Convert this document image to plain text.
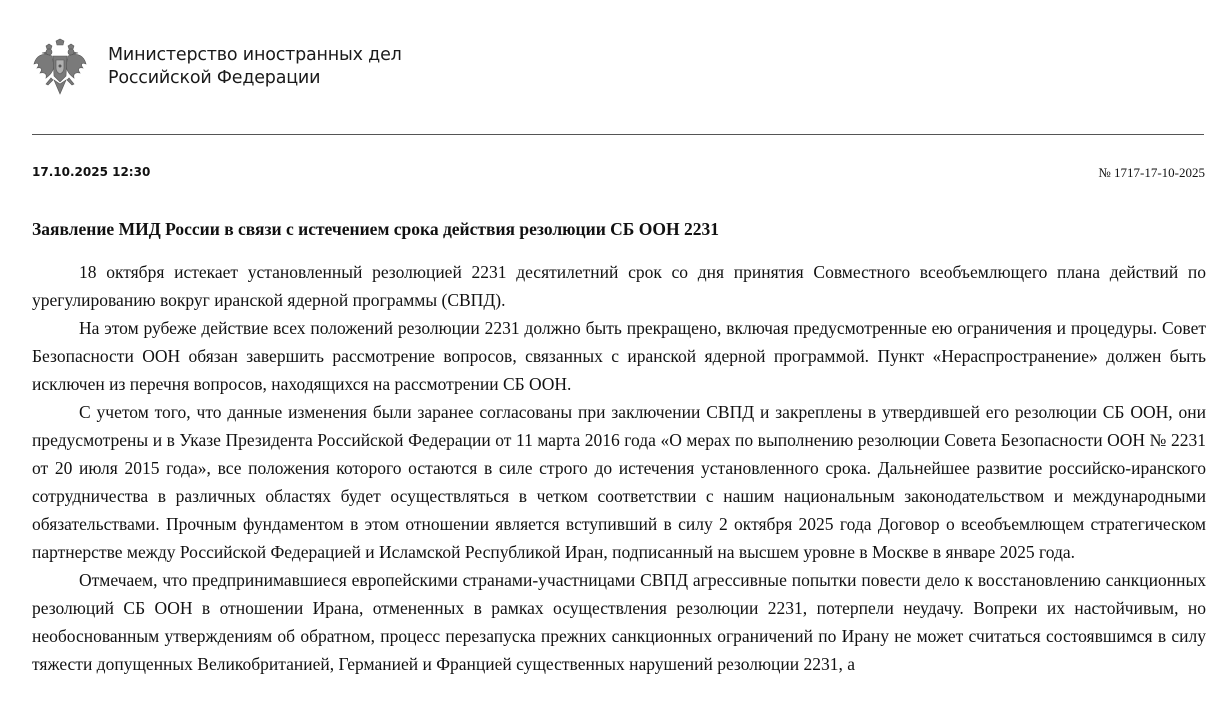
Министерство иностранных дел
Российской Федерации
17.10.2025 12:30	№ 1717-17-10-2025
Заявление МИД России в связи с истечением срока действия резолюции СБ ООН 2231

18 октября истекает установленный резолюцией 2231 десятилетний срок со дня принятия Совместного всеобъемлющего плана действий по урегулированию вокруг иранской ядерной программы (СВПД).

На этом рубеже действие всех положений резолюции 2231 должно быть прекращено, включая предусмотренные ею ограничения и процедуры. Совет Безопасности ООН обязан завершить рассмотрение вопросов, связанных с иранской ядерной программой. Пункт «Нераспространение» должен быть исключен из перечня вопросов, находящихся на рассмотрении СБ ООН.

С учетом того, что данные изменения были заранее согласованы при заключении СВПД и закреплены в утвердившей его резолюции СБ ООН, они предусмотрены и в Указе Президента Российской Федерации от 11 марта 2016 года «О мерах по выполнению резолюции Совета Безопасности ООН № 2231 от 20 июля 2015 года», все положения которого остаются в силе строго до истечения установленного срока. Дальнейшее развитие российско-иранского сотрудничества в различных областях будет осуществляться в четком соответствии с нашим национальным законодательством и международными обязательствами. Прочным фундаментом в этом отношении является вступивший в силу 2 октября 2025 года Договор о всеобъемлющем стратегическом партнерстве между Российской Федерацией и Исламской Республикой Иран, подписанный на высшем уровне в Москве в январе 2025 года.

Отмечаем, что предпринимавшиеся европейскими странами-участницами СВПД агрессивные попытки повести дело к восстановлению санкционных резолюций СБ ООН в отношении Ирана, отмененных в рамках осуществления резолюции 2231, потерпели неудачу. Вопреки их настойчивым, но необоснованным утверждениям об обратном, процесс перезапуска прежних санкционных ограничений по Ирану не может считаться состоявшимся в силу тяжести допущенных Великобританией, Германией и Францией существенных нарушений резолюции 2231, а
